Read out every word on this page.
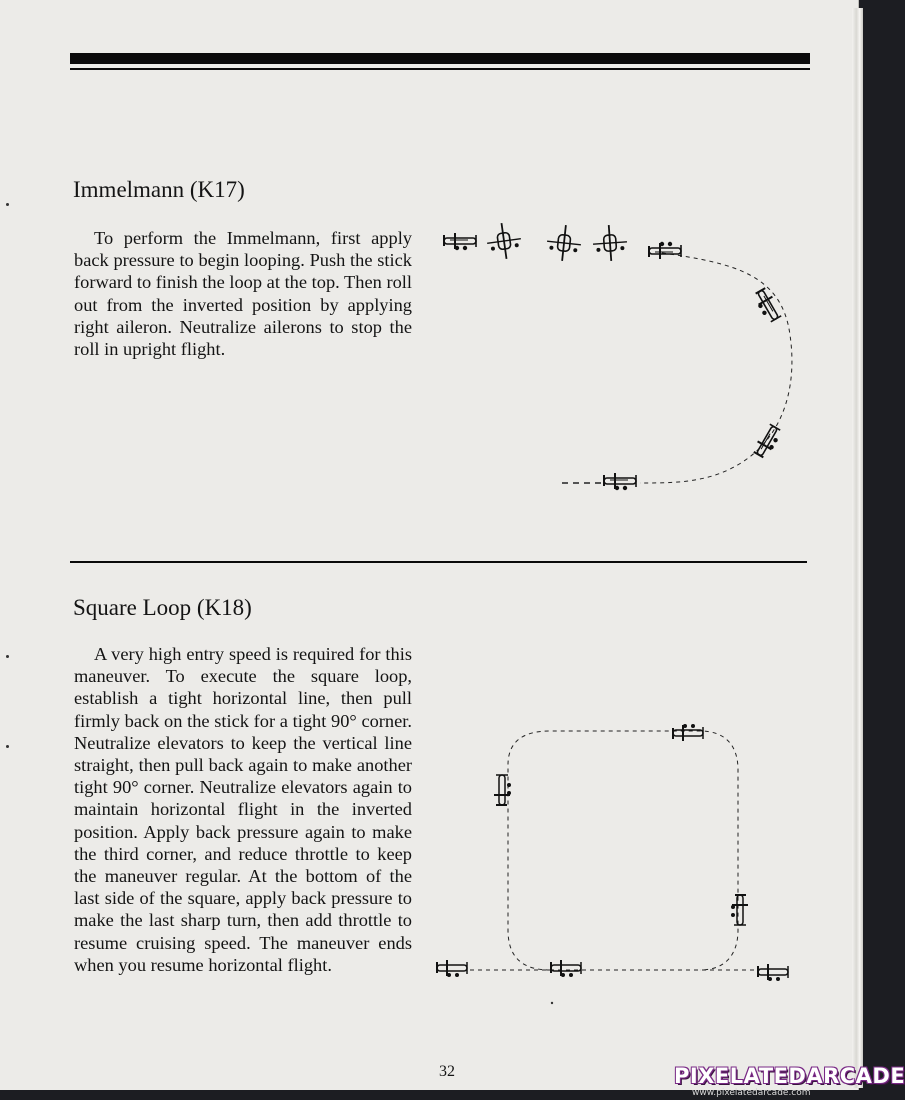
Immelmann (K17)

To perform the Immelmann, first apply back pressure to begin looping. Push the stick forward to finish the loop at the top. Then roll out from the inverted position by applying right aileron. Neutralize ailerons to stop the roll in upright flight.

Square Loop (K18)

A very high entry speed is required for this maneuver. To execute the square loop, establish a tight horizontal line, then pull firmly back on the stick for a tight 90° corner. Neutralize elevators to keep the vertical line straight, then pull back again to make another tight 90° corner. Neutralize elevators again to maintain horizontal flight in the inverted position. Apply back pressure again to make the third corner, and reduce throttle to keep the maneuver regular. At the bottom of the last side of the square, apply back pressure to make the last sharp turn, then add throttle to resume cruising speed. The maneuver ends when you resume horizontal flight.

32	PIXELATEDARCADE
www.pixelatedarcade.com
